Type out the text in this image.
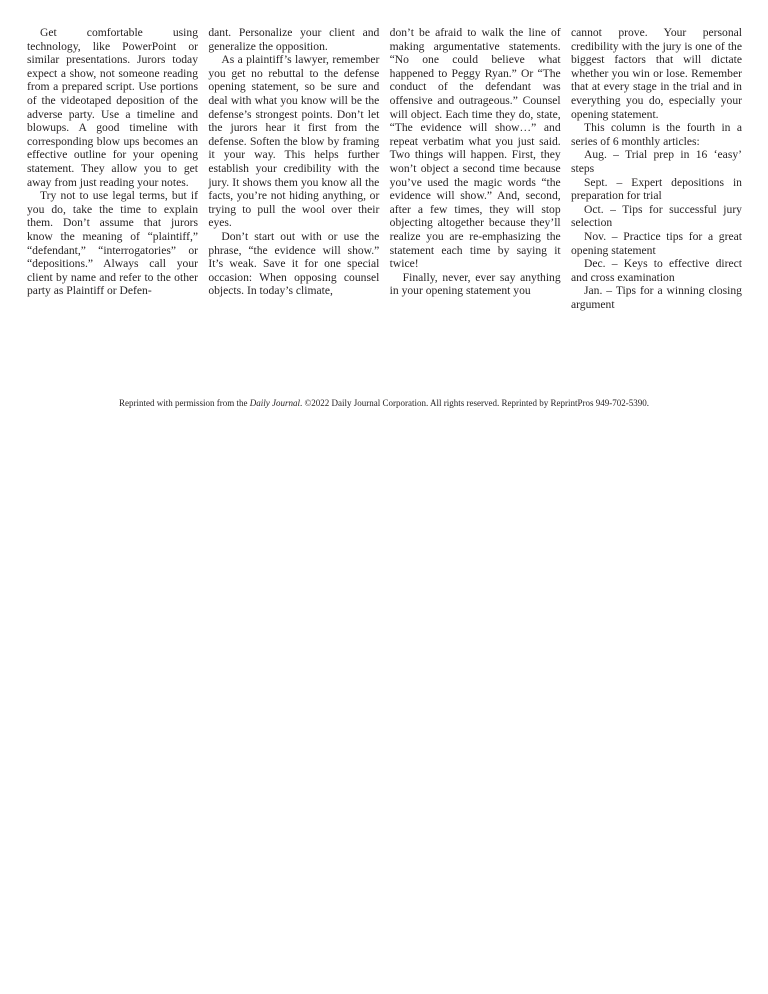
Get comfortable using technology, like PowerPoint or similar presentations. Jurors today expect a show, not someone reading from a prepared script. Use portions of the videotaped deposition of the adverse party. Use a timeline and blowups. A good timeline with corresponding blow ups becomes an effective outline for your opening statement. They allow you to get away from just reading your notes.

Try not to use legal terms, but if you do, take the time to explain them. Don’t assume that jurors know the meaning of “plaintiff,” “defendant,” “interrogatories” or “depositions.” Always call your client by name and refer to the other party as Plaintiff or Defen-

dant. Personalize your client and generalize the opposition.

As a plaintiff’s lawyer, remember you get no rebuttal to the defense opening statement, so be sure and deal with what you know will be the defense’s strongest points. Don’t let the jurors hear it first from the defense. Soften the blow by framing it your way. This helps further establish your credibility with the jury. It shows them you know all the facts, you’re not hiding anything, or trying to pull the wool over their eyes.

Don’t start out with or use the phrase, “the evidence will show.” It’s weak. Save it for one special occasion: When opposing counsel objects. In today’s climate,

don’t be afraid to walk the line of making argumentative statements. “No one could believe what happened to Peggy Ryan.” Or “The conduct of the defendant was offensive and outrageous.” Counsel will object. Each time they do, state, “The evidence will show…” and repeat verbatim what you just said. Two things will happen. First, they won’t object a second time because you’ve used the magic words “the evidence will show.” And, second, after a few times, they will stop objecting altogether because they’ll realize you are re-emphasizing the statement each time by saying it twice!

Finally, never, ever say anything in your opening statement you

cannot prove. Your personal credibility with the jury is one of the biggest factors that will dictate whether you win or lose. Remember that at every stage in the trial and in everything you do, especially your opening statement.

This column is the fourth in a series of 6 monthly articles:

Aug. – Trial prep in 16 ‘easy’ steps

Sept. – Expert depositions in preparation for trial

Oct. – Tips for successful jury selection

Nov. – Practice tips for a great opening statement

Dec. – Keys to effective direct and cross examination

Jan. – Tips for a winning closing argument

Reprinted with permission from the Daily Journal. ©2022 Daily Journal Corporation. All rights reserved. Reprinted by ReprintPros 949-702-5390.
